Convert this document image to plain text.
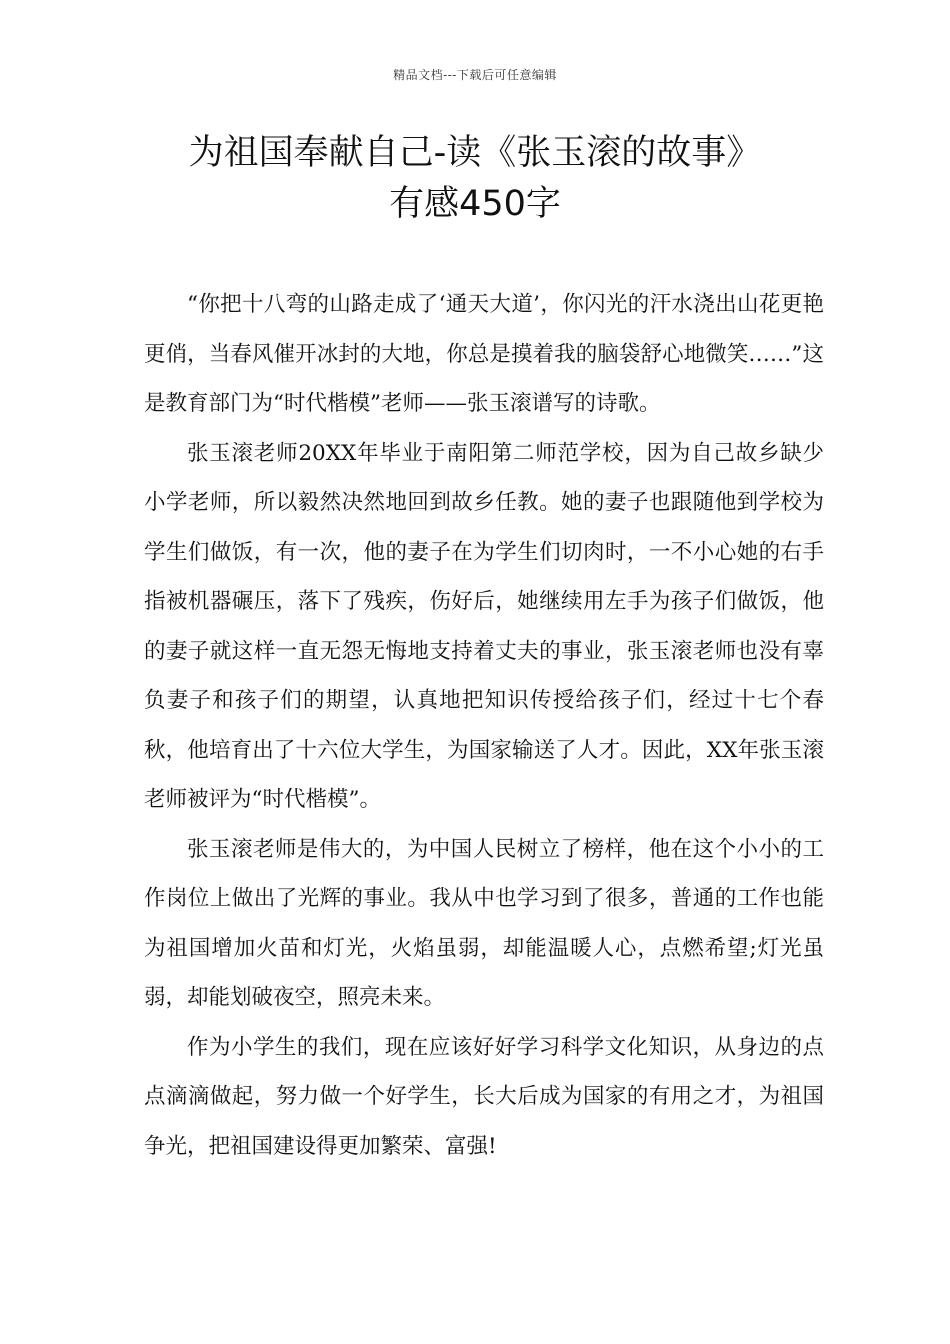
精品文档---下载后可任意编辑
为祖国奉献自己-读《张玉滚的故事》
有感450字

“你把十八弯的山路走成了‘通天大道’，你闪光的汗水浇出山花更艳更俏，当春风催开冰封的大地，你总是摸着我的脑袋舒心地微笑……”这是教育部门为“时代楷模”老师——张玉滚谱写的诗歌。

张玉滚老师20XX年毕业于南阳第二师范学校，因为自己故乡缺少小学老师，所以毅然决然地回到故乡任教。她的妻子也跟随他到学校为学生们做饭，有一次，他的妻子在为学生们切肉时，一不小心她的右手指被机器碾压，落下了残疾，伤好后，她继续用左手为孩子们做饭，他的妻子就这样一直无怨无悔地支持着丈夫的事业，张玉滚老师也没有辜负妻子和孩子们的期望，认真地把知识传授给孩子们，经过十七个春秋，他培育出了十六位大学生，为国家输送了人才。因此，XX年张玉滚老师被评为“时代楷模”。

张玉滚老师是伟大的，为中国人民树立了榜样，他在这个小小的工作岗位上做出了光辉的事业。我从中也学习到了很多，普通的工作也能为祖国增加火苗和灯光，火焰虽弱，却能温暖人心，点燃希望;灯光虽弱，却能划破夜空，照亮未来。

作为小学生的我们，现在应该好好学习科学文化知识，从身边的点点滴滴做起，努力做一个好学生，长大后成为国家的有用之才，为祖国争光，把祖国建设得更加繁荣、富强!
